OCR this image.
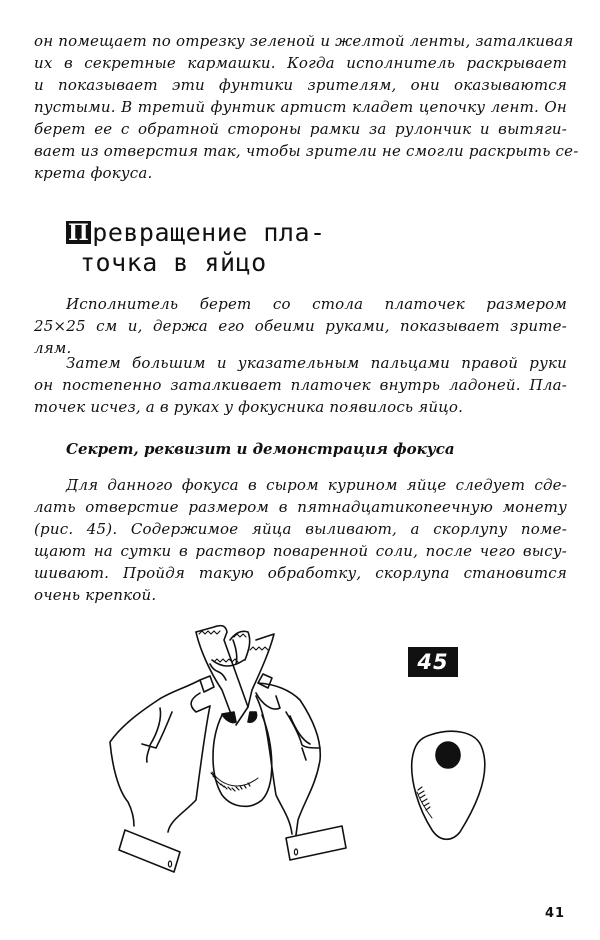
он помещает по отрезку зеленой и желтой ленты, заталкивая
их в секретные кармашки. Когда исполнитель раскрывает
и показывает эти фунтики зрителям, они оказываются
пустыми. В третий фунтик артист кладет цепочку лент. Он
берет ее с обратной стороны рамки за рулончик и вытяги-
вает из отверстия так, чтобы зрители не смогли раскрыть се-
крета фокуса.
П ревращение пла-
точка в яйцо
Исполнитель берет со стола платочек размером
25×25 см и, держа его обеими руками, показывает зрите-
лям.
Затем большим и указательным пальцами правой руки
он постепенно заталкивает платочек внутрь ладоней. Пла-
точек исчез, а в руках у фокусника появилось яйцо.
Секрет, реквизит и демонстрация фокуса
Для данного фокуса в сыром курином яйце следует сде-
лать отверстие размером в пятнадцатикопеечную монету
(рис. 45). Содержимое яйца выливают, а скорлупу поме-
щают на сутки в раствор поваренной соли, после чего высу-
шивают. Пройдя такую обработку, скорлупа становится
очень крепкой.
45
41
